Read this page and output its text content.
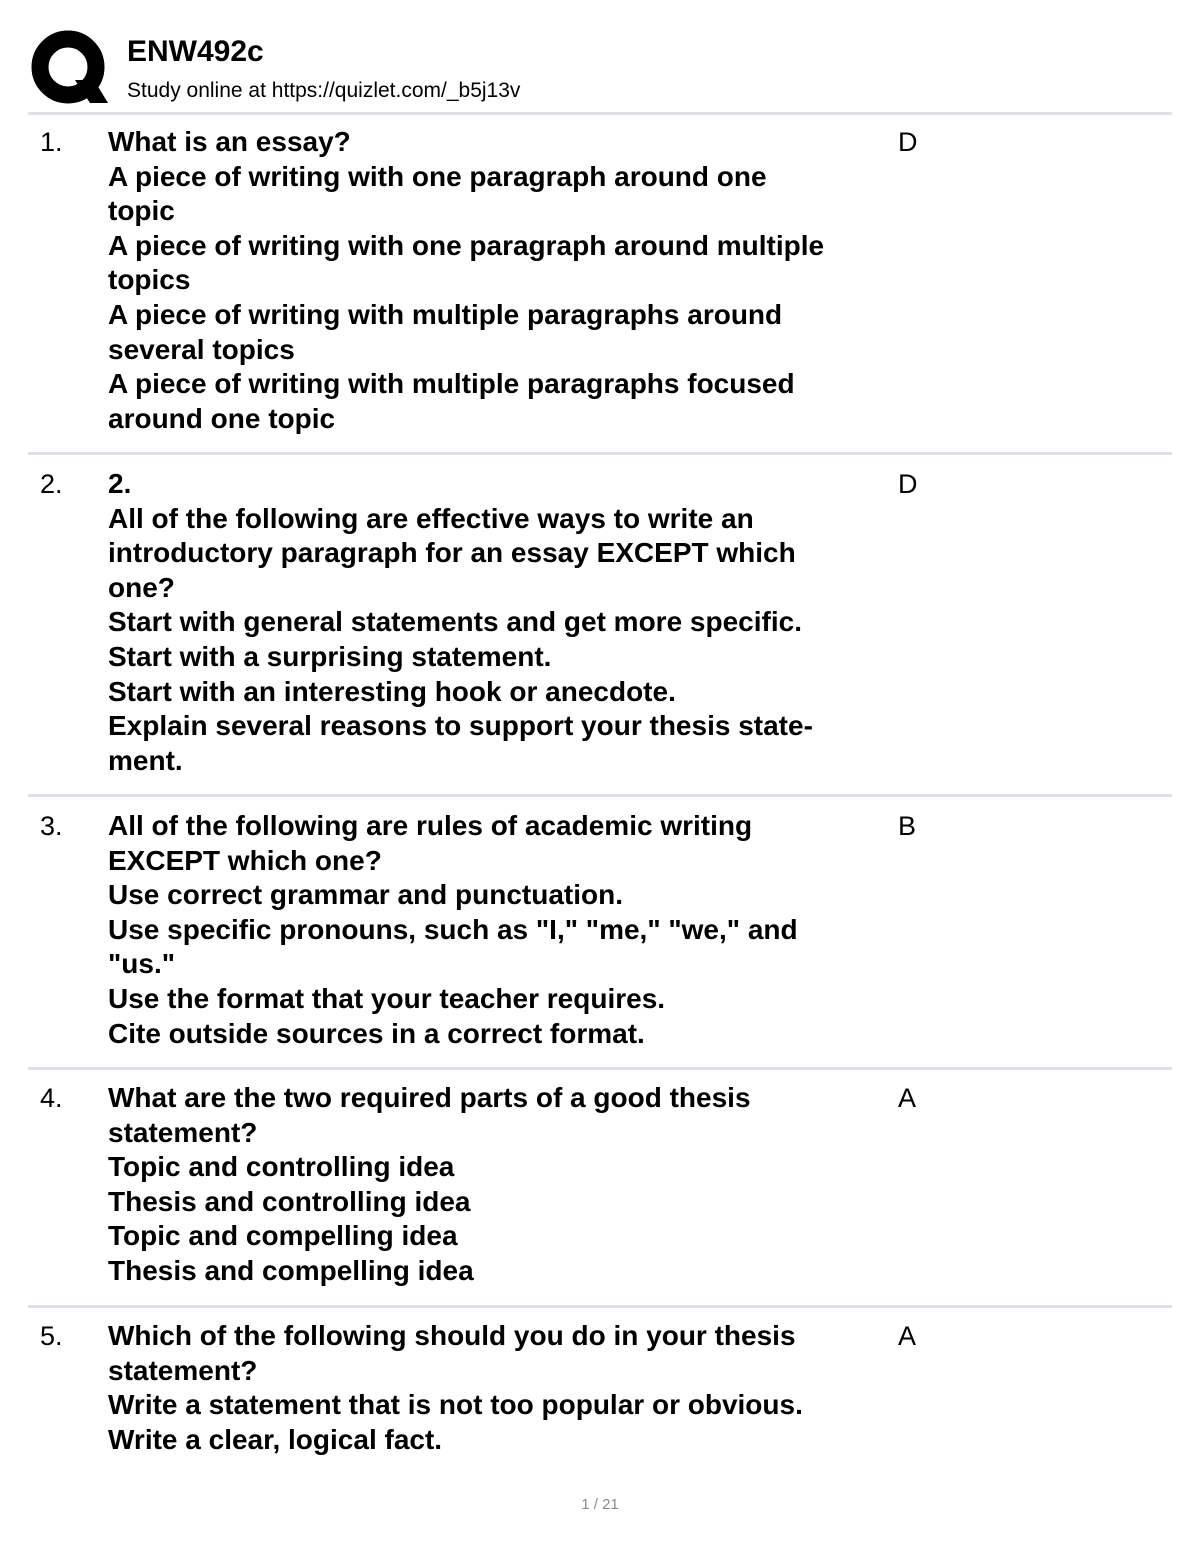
ENW492c
Study online at https://quizlet.com/_b5j13v
1. What is an essay?
A piece of writing with one paragraph around one
topic
A piece of writing with one paragraph around multiple
topics
A piece of writing with multiple paragraphs around
several topics
A piece of writing with multiple paragraphs focused
around one topic
D
2. 2.
All of the following are effective ways to write an
introductory paragraph for an essay EXCEPT which
one?
Start with general statements and get more specific.
Start with a surprising statement.
Start with an interesting hook or anecdote.
Explain several reasons to support your thesis state-
ment.
D
3. All of the following are rules of academic writing
EXCEPT which one?
Use correct grammar and punctuation.
Use specific pronouns, such as "I," "me," "we," and
"us."
Use the format that your teacher requires.
Cite outside sources in a correct format.
B
4. What are the two required parts of a good thesis
statement?
Topic and controlling idea
Thesis and controlling idea
Topic and compelling idea
Thesis and compelling idea
A
5. Which of the following should you do in your thesis
statement?
Write a statement that is not too popular or obvious.
Write a clear, logical fact.
A
1 / 21
